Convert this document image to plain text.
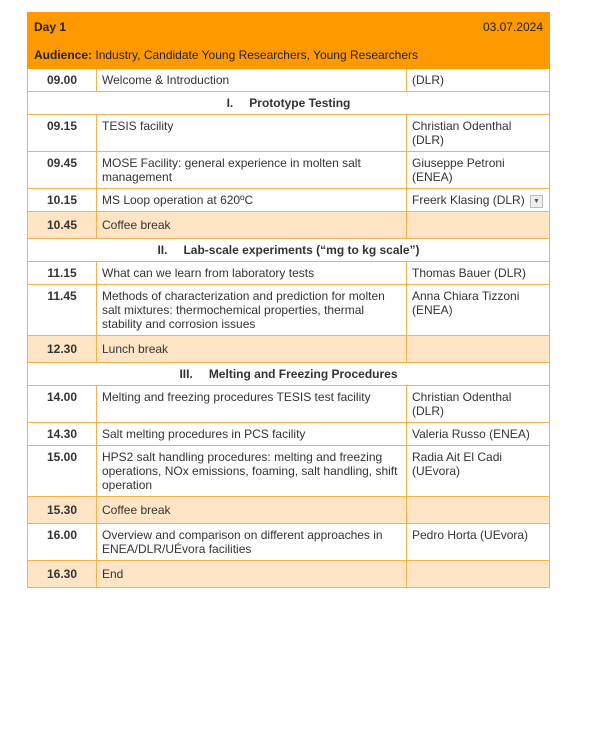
Day 1 03.07.2024		

Audience: Industry, Candidate Young Researchers, Young Researchers		
09.00	Welcome & Introduction	(DLR)

I. Prototype Testing		
09.15	TESIS facility	Christian Odenthal (DLR)

09.45	MOSE Facility: general experience in molten salt management	Giuseppe Petroni (ENEA)

10.15	MS Loop operation at 620ºC	Freerk Klasing (DLR) ▼

10.45	Coffee break	

II. Lab-scale experiments (“mg to kg scale”)		
11.15	What can we learn from laboratory tests	Thomas Bauer (DLR)

11.45	Methods of characterization and prediction for molten salt mixtures: thermochemical properties, thermal stability and corrosion issues	Anna Chiara Tizzoni (ENEA)

12.30	Lunch break	

III. Melting and Freezing Procedures		
14.00	Melting and freezing procedures TESIS test facility	Christian Odenthal (DLR)

14.30	Salt melting procedures in PCS facility	Valeria Russo (ENEA)

15.00	HPS2 salt handling procedures: melting and freezing operations, NOx emissions, foaming, salt handling, shift operation	Radia Ait El Cadi (UEvora)

15.30	Coffee break	

16.00	Overview and comparison on different approaches in ENEA/DLR/UÉvora facilities	Pedro Horta (UEvora)

16.30	End	
